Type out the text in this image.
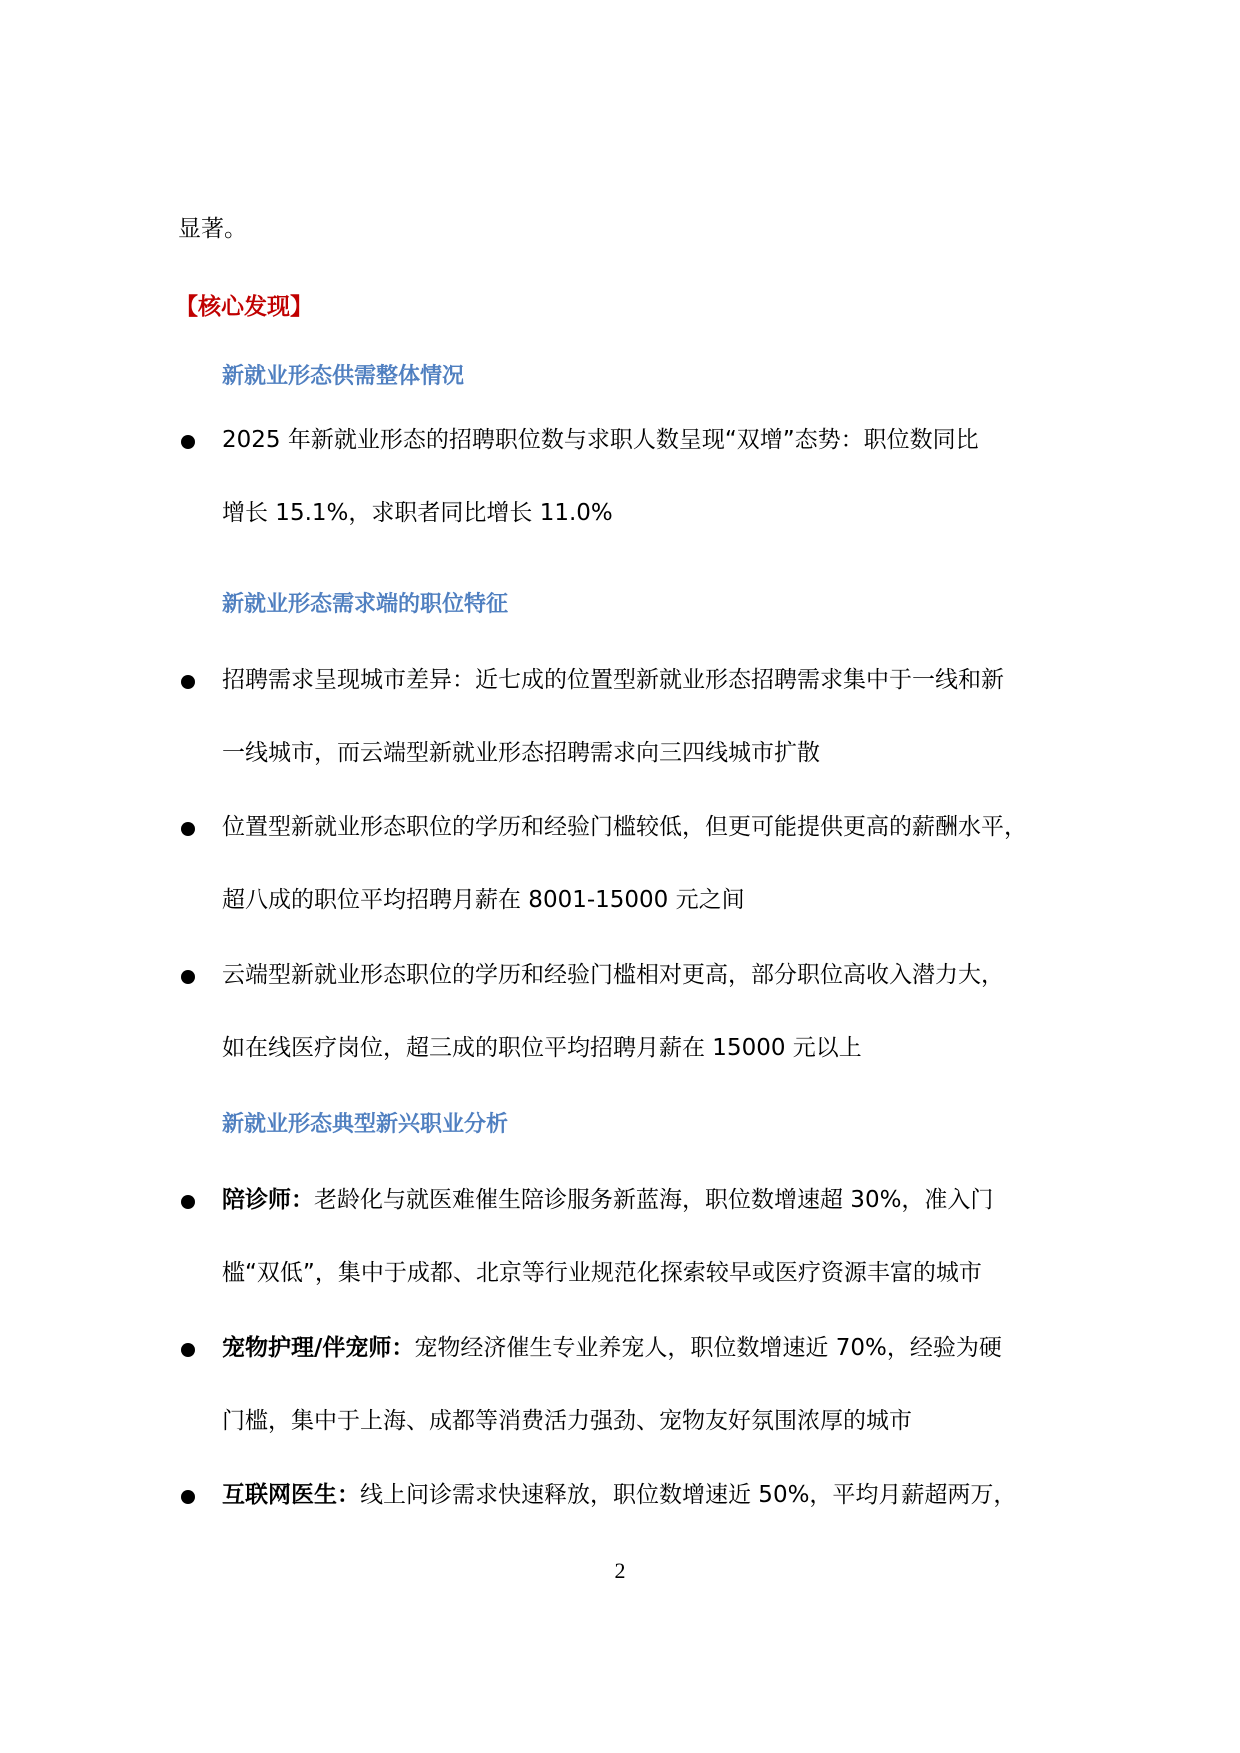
显著。
【核心发现】
新就业形态供需整体情况
2025 年新就业形态的招聘职位数与求职人数呈现“双增”态势：职位数同比
增长 15.1%，求职者同比增长 11.0%
新就业形态需求端的职位特征
招聘需求呈现城市差异：近七成的位置型新就业形态招聘需求集中于一线和新
一线城市，而云端型新就业形态招聘需求向三四线城市扩散
位置型新就业形态职位的学历和经验门槛较低，但更可能提供更高的薪酬水平，
超八成的职位平均招聘月薪在 8001-15000 元之间
云端型新就业形态职位的学历和经验门槛相对更高，部分职位高收入潜力大，
如在线医疗岗位，超三成的职位平均招聘月薪在 15000 元以上
新就业形态典型新兴职业分析
陪诊师：老龄化与就医难催生陪诊服务新蓝海，职位数增速超 30%，准入门
槛“双低”，集中于成都、北京等行业规范化探索较早或医疗资源丰富的城市
宠物护理/伴宠师：宠物经济催生专业养宠人，职位数增速近 70%，经验为硬
门槛，集中于上海、成都等消费活力强劲、宠物友好氛围浓厚的城市
互联网医生：线上问诊需求快速释放，职位数增速近 50%，平均月薪超两万，
2
